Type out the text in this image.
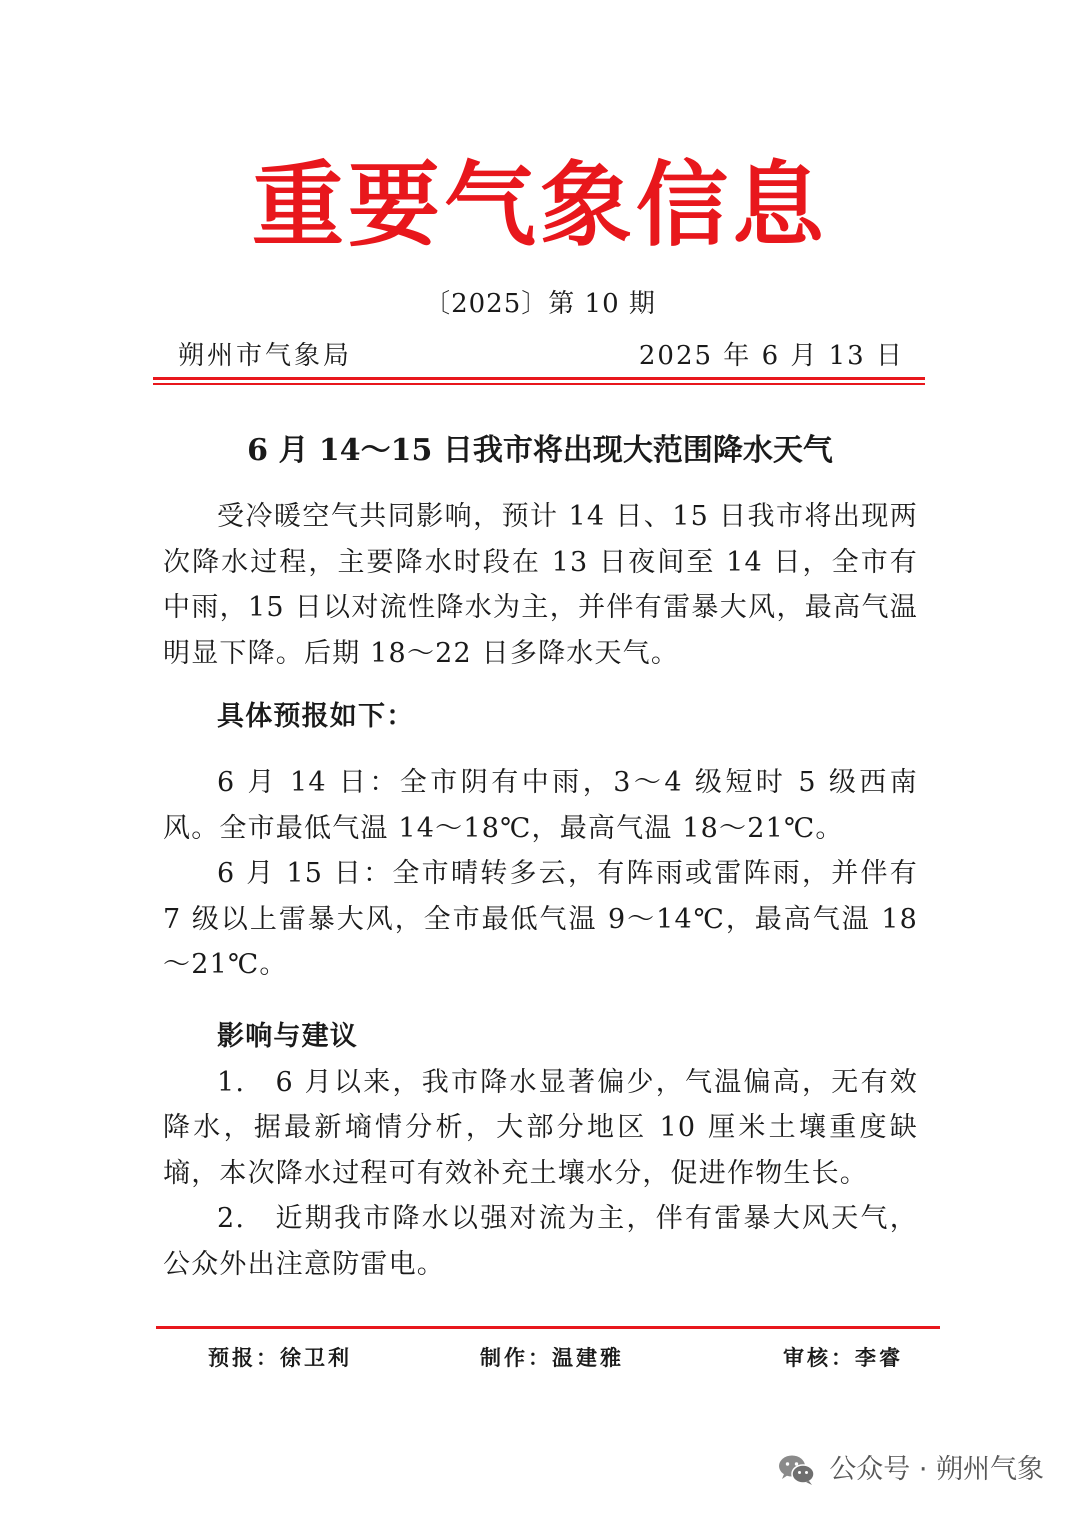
重要气象信息
〔2025〕第 10 期
朔州市气象局	2025 年 6 月 13 日
6 月 14～15 日我市将出现大范围降水天气

受冷暖空气共同影响，预计 14 日、15 日我市将出现两次降水过程，主要降水时段在 13 日夜间至 14 日，全市有中雨，15 日以对流性降水为主，并伴有雷暴大风，最高气温明显下降。后期 18～22 日多降水天气。

具体预报如下：

6 月 14 日：全市阴有中雨，3～4 级短时 5 级西南风。全市最低气温 14～18℃，最高气温 18～21℃。

6 月 15 日：全市晴转多云，有阵雨或雷阵雨，并伴有 7 级以上雷暴大风，全市最低气温 9～14℃，最高气温 18～21℃。

影响与建议

1.　6 月以来，我市降水显著偏少，气温偏高，无有效降水，据最新墒情分析，大部分地区 10 厘米土壤重度缺墒，本次降水过程可有效补充土壤水分，促进作物生长。

2.　近期我市降水以强对流为主，伴有雷暴大风天气，公众外出注意防雷电。

预报：徐卫利	制作：温建雅	审核：李睿
公众号 · 朔州气象
